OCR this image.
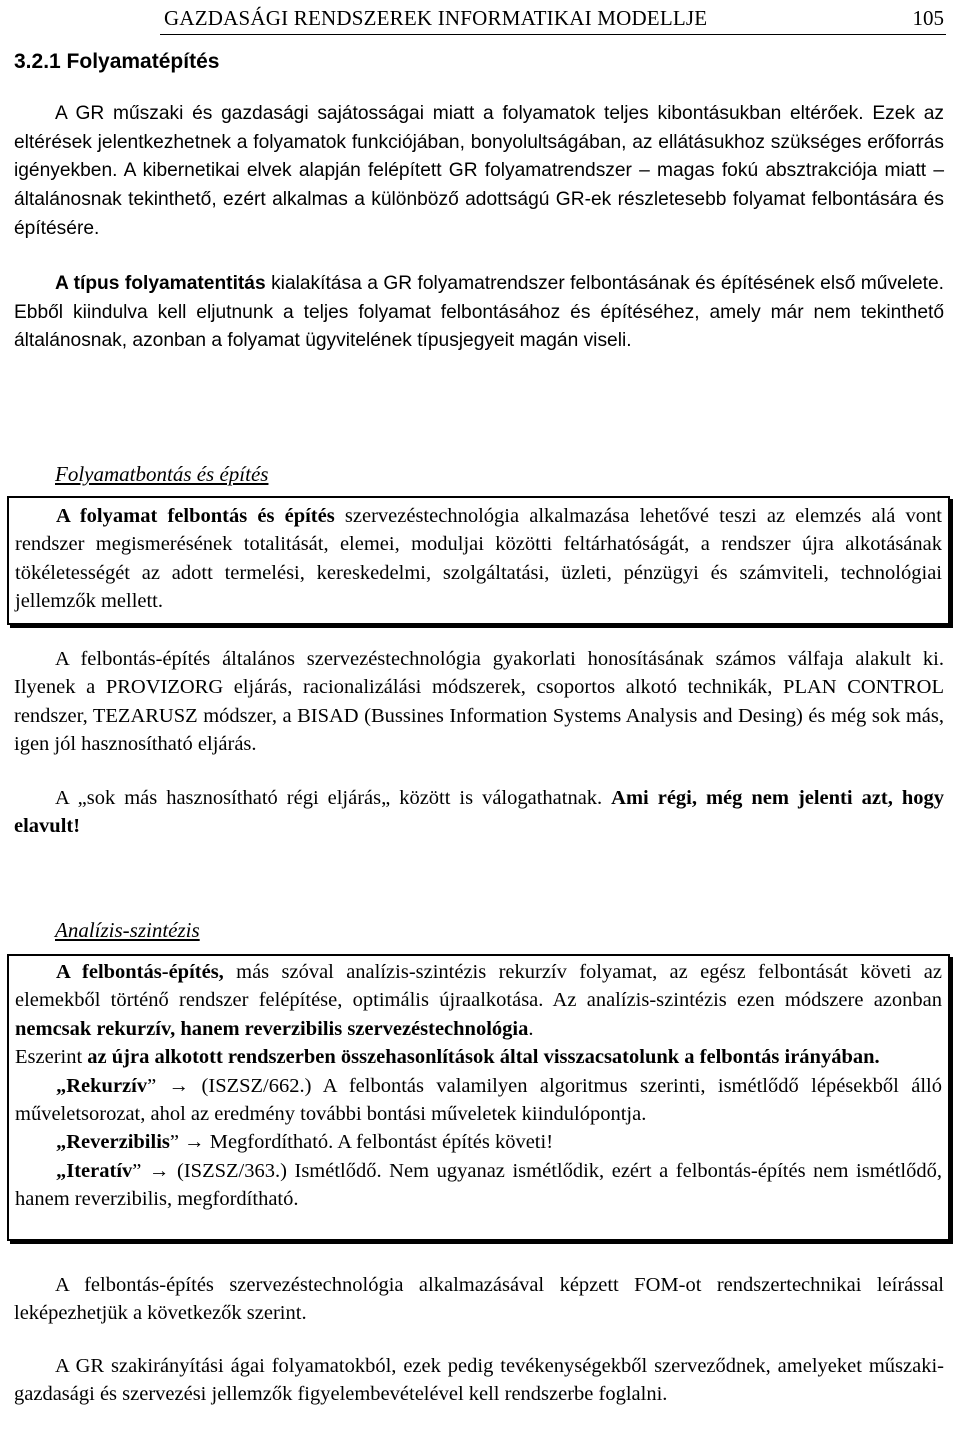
GAZDASÁGI RENDSZEREK INFORMATIKAI MODELLJE	105
3.2.1 Folyamatépítés
A GR műszaki és gazdasági sajátosságai miatt a folyamatok teljes kibontásukban eltérőek. Ezek az eltérések jelentkezhetnek a folyamatok funkciójában, bonyolultságában, az ellátásukhoz szükséges erőforrás igényekben. A kibernetikai elvek alapján felépített GR folyamatrendszer – magas fokú absztrakciója miatt – általánosnak tekinthető, ezért alkalmas a különböző adottságú GR-ek részletesebb folyamat felbontására és építésére.
A típus folyamatentitás kialakítása a GR folyamatrendszer felbontásának és építésének első művelete. Ebből kiindulva kell eljutnunk a teljes folyamat felbontásához és építéséhez, amely már nem tekinthető általánosnak, azonban a folyamat ügyvitelének típusjegyeit magán viseli.
Folyamatbontás és építés

A folyamat felbontás és építés szervezéstechnológia alkalmazása lehetővé teszi az elemzés alá vont rendszer megismerésének totalitását, elemei, moduljai közötti feltárhatóságát, a rendszer újra alkotásának tökéletességét az adott termelési, kereskedelmi, szolgáltatási, üzleti, pénzügyi és számviteli, technológiai jellemzők mellett.

A felbontás-építés általános szervezéstechnológia gyakorlati honosításának számos válfaja alakult ki. Ilyenek a PROVIZORG eljárás, racionalizálási módszerek, csoportos alkotó technikák, PLAN CONTROL rendszer, TEZARUSZ módszer, a BISAD (Bussines Information Systems Analysis and Desing) és még sok más, igen jól hasznosítható eljárás.
A „sok más hasznosítható régi eljárás„ között is válogathatnak. Ami régi, még nem jelenti azt, hogy elavult!
Analízis-szintézis

A felbontás-építés, más szóval analízis-szintézis rekurzív folyamat, az egész felbontását követi az elemekből történő rendszer felépítése, optimális újraalkotása. Az analízis-szintézis ezen módszere azonban nemcsak rekurzív, hanem reverzibilis szervezéstechnológia.

Eszerint az újra alkotott rendszerben összehasonlítások által visszacsatolunk a felbontás irányában.

„Rekurzív” → (ISZSZ/662.) A felbontás valamilyen algoritmus szerinti, ismétlődő lépésekből álló műveletsorozat, ahol az eredmény további bontási műveletek kiindulópontja.

„Reverzibilis” → Megfordítható. A felbontást építés követi!

„Iteratív” → (ISZSZ/363.) Ismétlődő. Nem ugyanaz ismétlődik, ezért a felbontás-építés nem ismétlődő, hanem reverzibilis, megfordítható.

A felbontás-építés szervezéstechnológia alkalmazásával képzett FOM-ot rendszertechnikai leírással leképezhetjük a következők szerint.
A GR szakirányítási ágai folyamatokból, ezek pedig tevékenységekből szerveződnek, amelyeket műszaki-gazdasági és szervezési jellemzők figyelembevételével kell rendszerbe foglalni.
